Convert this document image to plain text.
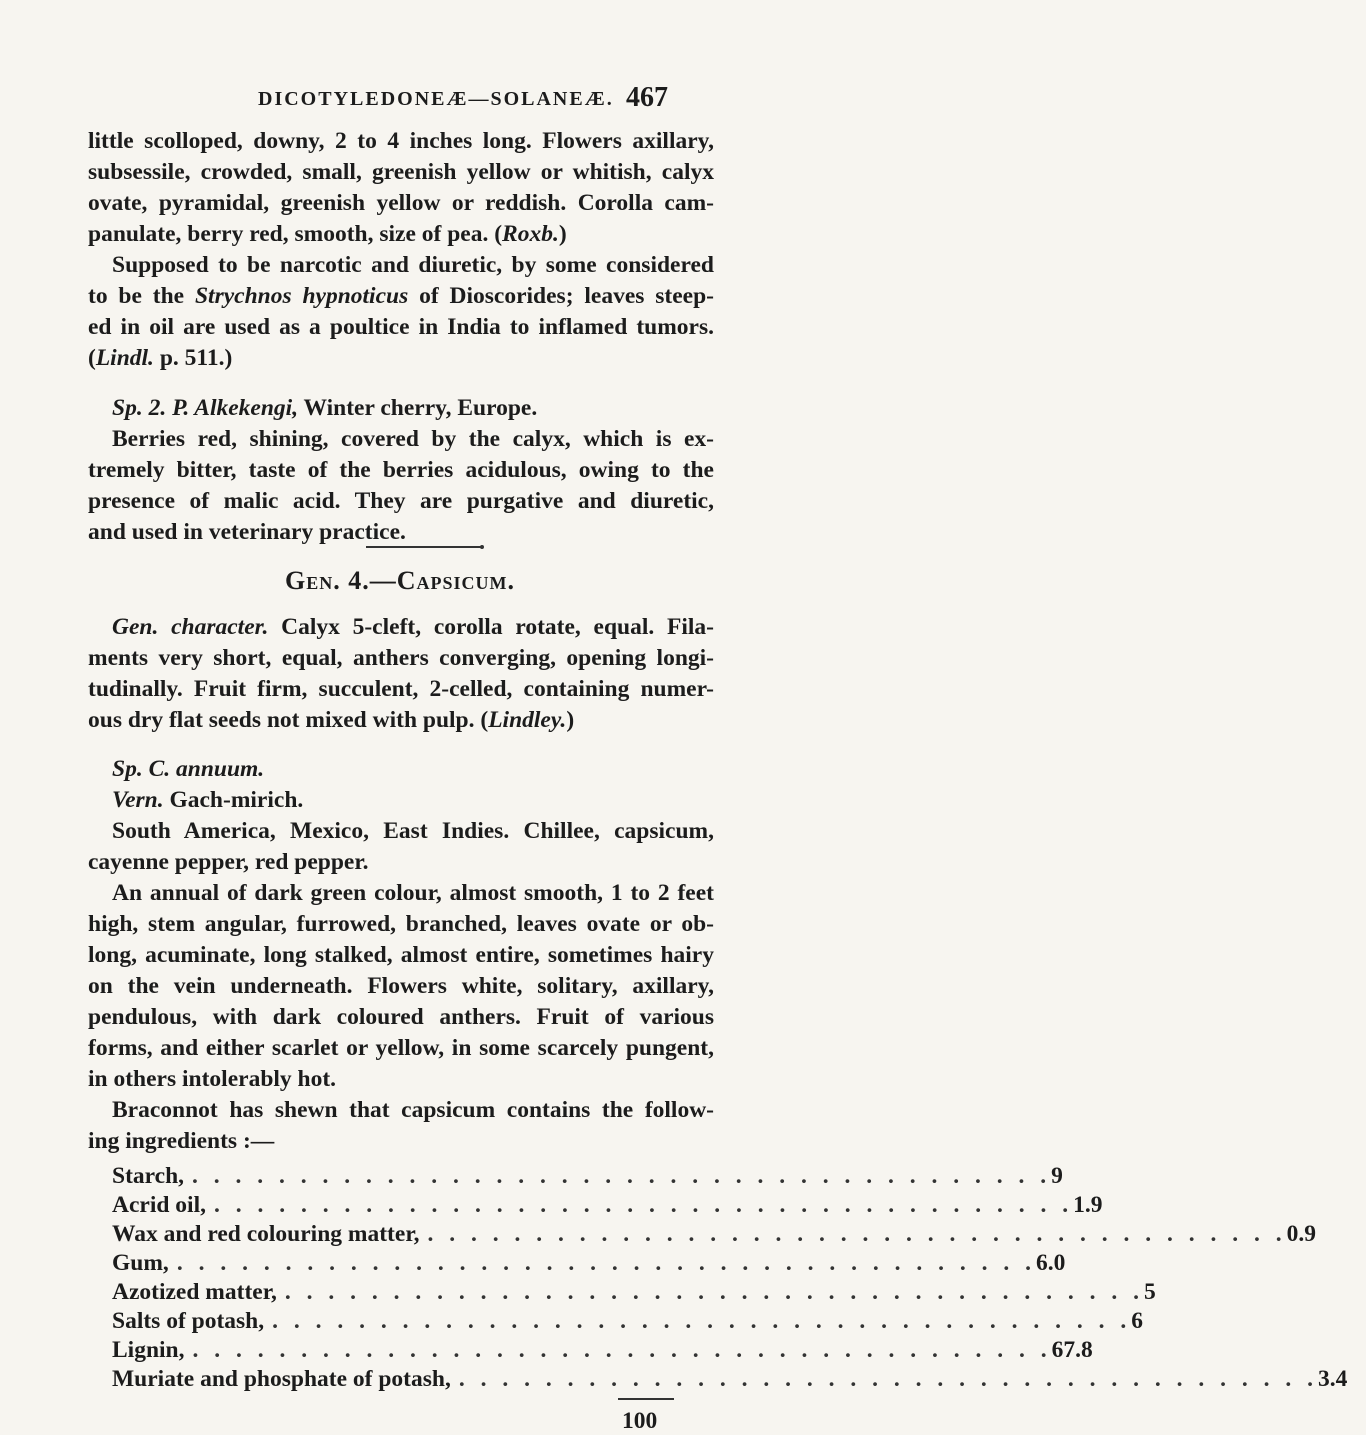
DICOTYLEDONEÆ—SOLANEÆ. 467
little scolloped, downy, 2 to 4 inches long. Flowers axillary,
subsessile, crowded, small, greenish yellow or whitish, calyx
ovate, pyramidal, greenish yellow or reddish. Corolla cam-
panulate, berry red, smooth, size of pea. (Roxb.)
Supposed to be narcotic and diuretic, by some considered
to be the Strychnos hypnoticus of Dioscorides; leaves steep-
ed in oil are used as a poultice in India to inflamed tumors.
(Lindl. p. 511.)
Sp. 2. P. Alkekengi, Winter cherry, Europe.
Berries red, shining, covered by the calyx, which is ex-
tremely bitter, taste of the berries acidulous, owing to the
presence of malic acid. They are purgative and diuretic,
and used in veterinary practice.
Gen. 4.—Capsicum.
Gen. character. Calyx 5-cleft, corolla rotate, equal. Fila-
ments very short, equal, anthers converging, opening longi-
tudinally. Fruit firm, succulent, 2-celled, containing numer-
ous dry flat seeds not mixed with pulp. (Lindley.)
Sp. C. annuum.
Vern. Gach-mirich.
South America, Mexico, East Indies. Chillee, capsicum,
cayenne pepper, red pepper.
An annual of dark green colour, almost smooth, 1 to 2 feet
high, stem angular, furrowed, branched, leaves ovate or ob-
long, acuminate, long stalked, almost entire, sometimes hairy
on the vein underneath. Flowers white, solitary, axillary,
pendulous, with dark coloured anthers. Fruit of various
forms, and either scarlet or yellow, in some scarcely pungent,
in others intolerably hot.
Braconnot has shewn that capsicum contains the follow-
ing ingredients :—
Starch, . . . . . . . . . . . . . . . . . . . . . . . . . . . . . . . . . . . . . . . . 9
Acrid oil, . . . . . . . . . . . . . . . . . . . . . . . . . . . . . . . . . . . . . . . . 1.9
Wax and red colouring matter, . . . . . . . . . . . . . . . . . . . . . . . . . . . . . . . . . . . . . . . . 0.9
Gum, . . . . . . . . . . . . . . . . . . . . . . . . . . . . . . . . . . . . . . . . 6.0
Azotized matter, . . . . . . . . . . . . . . . . . . . . . . . . . . . . . . . . . . . . . . . . 5
Salts of potash, . . . . . . . . . . . . . . . . . . . . . . . . . . . . . . . . . . . . . . . . 6
Lignin, . . . . . . . . . . . . . . . . . . . . . . . . . . . . . . . . . . . . . . . . 67.8
Muriate and phosphate of potash, . . . . . . . . . . . . . . . . . . . . . . . . . . . . . . . . . . . . . . . . 3.4
100
